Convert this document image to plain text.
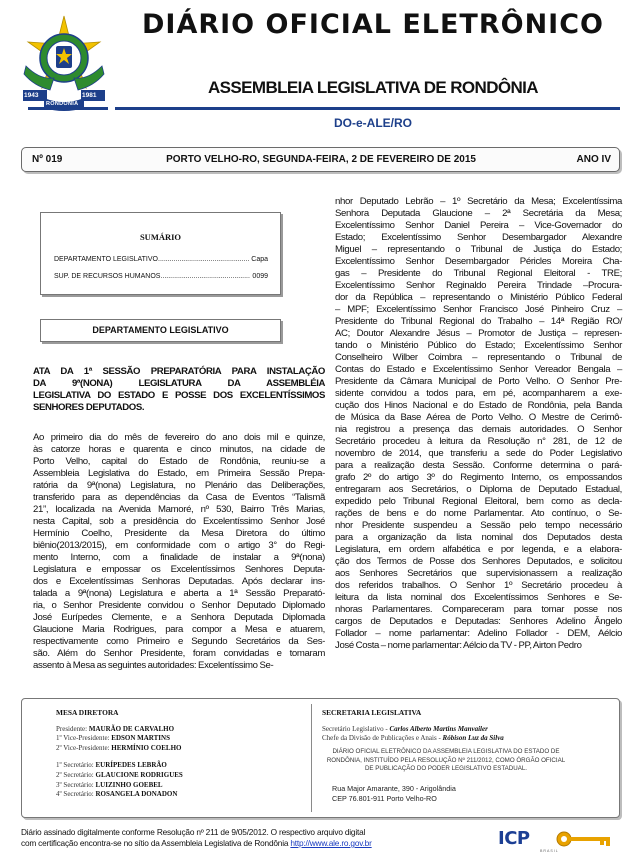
1943	1981
RONDÔNIA
DIÁRIO OFICIAL ELETRÔNICO
ASSEMBLEIA LEGISLATIVA DE RONDÔNIA
DO-e-ALE/RO
Nº 019	PORTO VELHO-RO, SEGUNDA-FEIRA, 2 DE FEVEREIRO DE 2015	ANO IV
SUMÁRIO
DEPARTAMENTO LEGISLATIVO .....	Capa
SUP. DE RECURSOS HUMANOS .....	0099
DEPARTAMENTO LEGISLATIVO
ATA DA 1ª SESSÃO PREPARATÓRIA PARA INSTALAÇÃO
DA 9ª(NONA) LEGISLATURA DA ASSEMBLÉIA
LEGISLATIVA DO ESTADO E POSSE DOS EXCELENTÍSSIMOS
SENHORES DEPUTADOS.
Ao primeiro dia do mês de fevereiro do ano dois mil e quinze,
às catorze horas e quarenta e cinco minutos, na cidade de
Porto Velho, capital do Estado de Rondônia, reuniu-se a
Assembleia Legislativa do Estado, em Primeira Sessão Prepa-
ratória da 9ª(nona) Legislatura, no Plenário das Deliberações,
transferido para as dependências da Casa de Eventos “Talismã
21”, localizada na Avenida Mamoré, nº 530, Bairro Três Marias,
nesta Capital, sob a presidência do Excelentíssimo Senhor José
Hermínio Coelho, Presidente da Mesa Diretora do último
biênio(2013/2015), em conformidade com o artigo 3° do Regi-
mento Interno, com a finalidade de instalar a 9ª(nona)
Legislatura e empossar os Excelentíssimos Senhores Deputa-
dos e Excelentíssimas Senhoras Deputadas. Após declarar ins-
talada a 9ª(nona) Legislatura e aberta a 1ª Sessão Preparató-
ria, o Senhor Presidente convidou o Senhor Deputado Diplomado
José Eurípedes Clemente, e a Senhora Deputada Diplomada
Glaucione Maria Rodrigues, para compor a Mesa e atuarem,
respectivamente como Primeiro e Segundo Secretários da Ses-
são. Além do Senhor Presidente, foram convidadas e tomaram
assento à Mesa as seguintes autoridades: Excelentíssimo Se-
nhor Deputado Lebrão – 1º Secretário da Mesa; Excelentíssima
Senhora Deputada Glaucione – 2ª Secretária da Mesa;
Excelentíssimo Senhor Daniel Pereira – Vice-Governador do
Estado; Excelentíssimo Senhor Desembargador Alexandre
Miguel – representando o Tribunal de Justiça do Estado;
Excelentíssimo Senhor Desembargador Péricles Moreira Cha-
gas – Presidente do Tribunal Regional Eleitoral - TRE;
Excelentíssimo Senhor Reginaldo Pereira Trindade –Procura-
dor da República – representando o Ministério Público Federal
– MPF; Excelentíssimo Senhor Francisco José Pinheiro Cruz –
Presidente do Tribunal Regional do Trabalho – 14ª Região RO/
AC; Doutor Alexandre Jésus – Promotor de Justiça – represen-
tando o Ministério Público do Estado; Excelentíssimo Senhor
Conselheiro Wilber Coimbra – representando o Tribunal de
Contas do Estado e Excelentíssimo Senhor Vereador Bengala –
Presidente da Câmara Municipal de Porto Velho. O Senhor Pre-
sidente convidou a todos para, em pé, acompanharem a exe-
cução dos Hinos Nacional e do Estado de Rondônia, pela Banda
de Música da Base Aérea de Porto Velho. O Mestre de Cerimô-
nia registrou a presença das demais autoridades. O Senhor
Secretário procedeu à leitura da Resolução n° 281, de 12 de
novembro de 2014, que transferiu a sede do Poder Legislativo
para a realização desta Sessão. Conforme determina o pará-
grafo 2º do artigo 3º do Regimento Interno, os empossandos
entregaram aos Secretários, o Diploma de Deputado Estadual,
expedido pelo Tribunal Regional Eleitoral, bem como as decla-
rações de bens e do nome Parlamentar. Ato contínuo, o Se-
nhor Presidente suspendeu a Sessão pelo tempo necessário
para a organização da lista nominal dos Deputados desta
Legislatura, em ordem alfabética e por legenda, e a elabora-
ção dos Termos de Posse dos Senhores Deputados, e solicitou
aos Senhores Secretários que supervisionassem a realização
dos referidos trabalhos. O Senhor 1º Secretário procedeu à
leitura da lista nominal dos Excelentíssimos Senhores e Se-
nhoras Parlamentares. Compareceram para tomar posse nos
cargos de Deputados e Deputadas: Senhores Adelino Ângelo
Follador – nome parlamentar: Adelino Follador - DEM, Aélcio
José Costa – nome parlamentar: Aélcio da TV - PP, Airton Pedro
MESA DIRETORA
Presidente: MAURÃO DE CARVALHO
1º Vice-Presidente: EDSON MARTINS
2º Vice-Presidente: HERMÍNIO COELHO
1º Secretário: EURÍPEDES LEBRÃO
2º Secretário: GLAUCIONE RODRIGUES
3º Secretário: LUIZINHO GOEBEL
4º Secretário: ROSANGELA DONADON
SECRETARIA LEGISLATIVA
Secretário Legislativo - Carlos Alberto Martins Manvailer
Chefe da Divisão de Publicações e Anais - Róbison Luz da Silva
DIÁRIO OFICIAL ELETRÔNICO DA ASSEMBLEIA LEGISLATIVA DO ESTADO DE RONDÔNIA, INSTITUÍDO PELA RESOLUÇÃO Nº 211/2012, COMO ÓRGÃO OFICIAL DE PUBLICAÇÃO DO PODER LEGISLATIVO ESTADUAL.
Rua Major Amarante, 390 - Arigolândia
CEP 76.801-911 Porto Velho-RO
Diário assinado digitalmente conforme Resolução nº 211 de 9/05/2012. O respectivo arquivo digital
com certificação encontra-se no sítio da Assembleia Legislativa de Rondônia http://www.ale.ro.gov.br	ICP
BRASIL
